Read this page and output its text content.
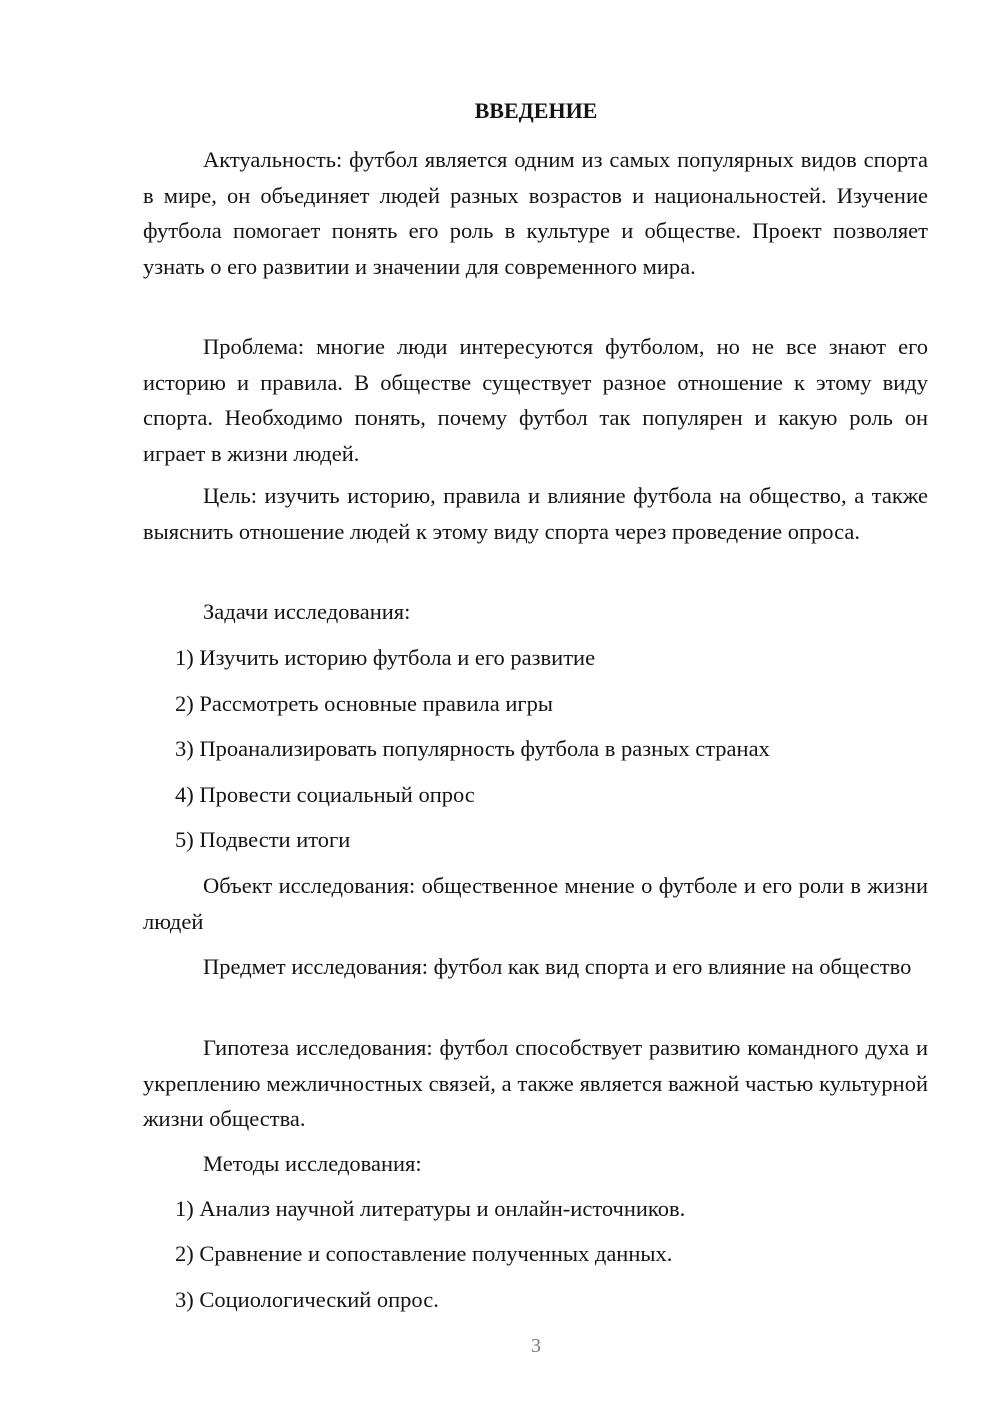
ВВЕДЕНИЕ

Актуальность: футбол является одним из самых популярных видов спорта в мире, он объединяет людей разных возрастов и национальностей. Изучение футбола помогает понять его роль в культуре и обществе. Проект позволяет узнать о его развитии и значении для современного мира.

Проблема: многие люди интересуются футболом, но не все знают его историю и правила. В обществе существует разное отношение к этому виду спорта. Необходимо понять, почему футбол так популярен и какую роль он играет в жизни людей.

Цель: изучить историю, правила и влияние футбола на общество, а также выяснить отношение людей к этому виду спорта через проведение опроса.

Задачи исследования:

1) Изучить историю футбола и его развитие

2) Рассмотреть основные правила игры

3) Проанализировать популярность футбола в разных странах

4) Провести социальный опрос

5) Подвести итоги

Объект исследования: общественное мнение о футболе и его роли в жизни людей

Предмет исследования: футбол как вид спорта и его влияние на общество

Гипотеза исследования: футбол способствует развитию командного духа и укреплению межличностных связей, а также является важной частью культурной жизни общества.

Методы исследования:

1) Анализ научной литературы и онлайн-источников.

2) Сравнение и сопоставление полученных данных.

3) Социологический опрос.

3
